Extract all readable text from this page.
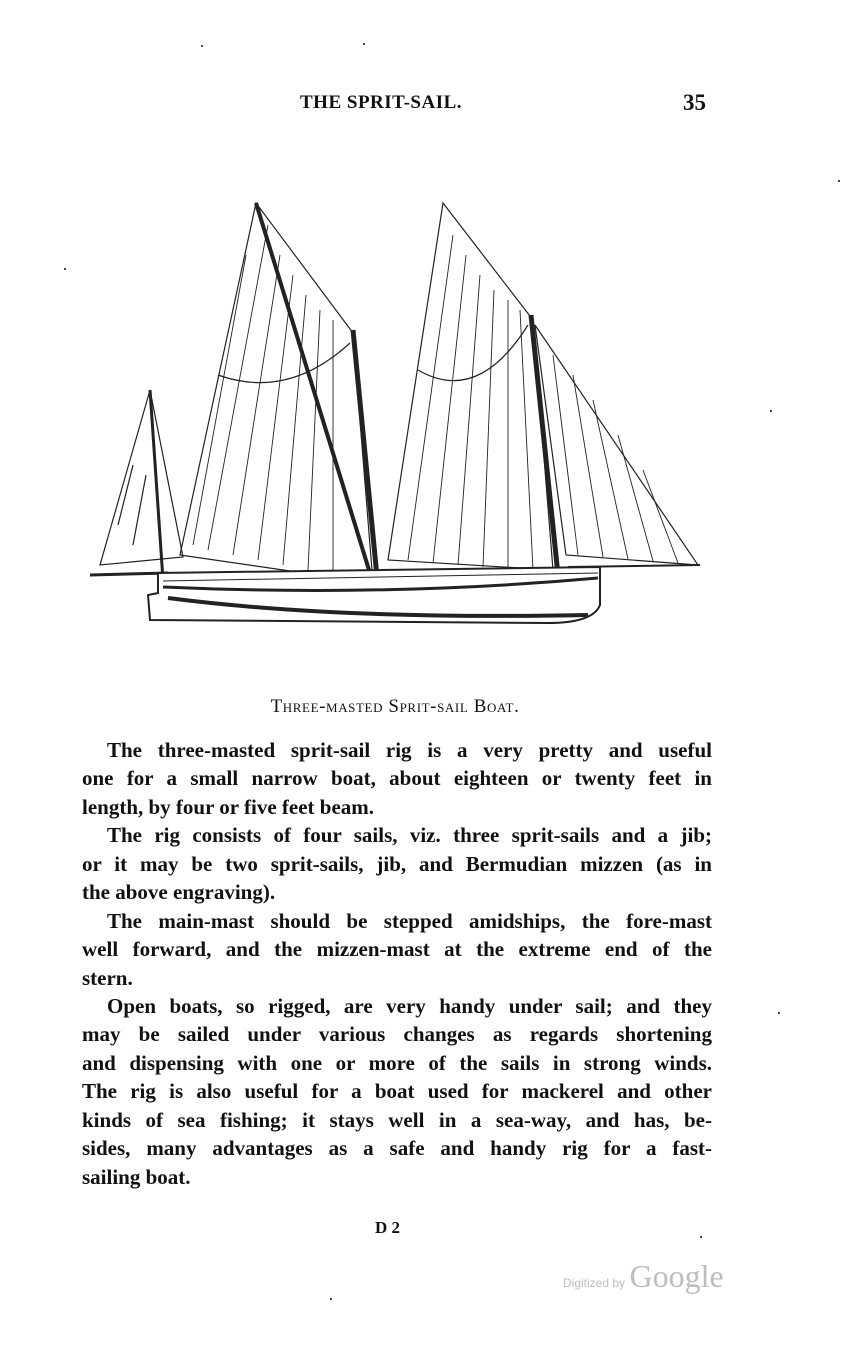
THE SPRIT-SAIL.	35
Three-masted Sprit-sail Boat.
The three-masted sprit-sail rig is a very pretty and useful
one for a small narrow boat, about eighteen or twenty feet in
length, by four or five feet beam.
The rig consists of four sails, viz. three sprit-sails and a jib;
or it may be two sprit-sails, jib, and Bermudian mizzen (as in
the above engraving).
The main-mast should be stepped amidships, the fore-mast
well forward, and the mizzen-mast at the extreme end of the
stern.
Open boats, so rigged, are very handy under sail; and they
may be sailed under various changes as regards shortening
and dispensing with one or more of the sails in strong winds.
The rig is also useful for a boat used for mackerel and other
kinds of sea fishing; it stays well in a sea-way, and has, be-
sides, many advantages as a safe and handy rig for a fast-
sailing boat.
D 2
Digitized by Google
